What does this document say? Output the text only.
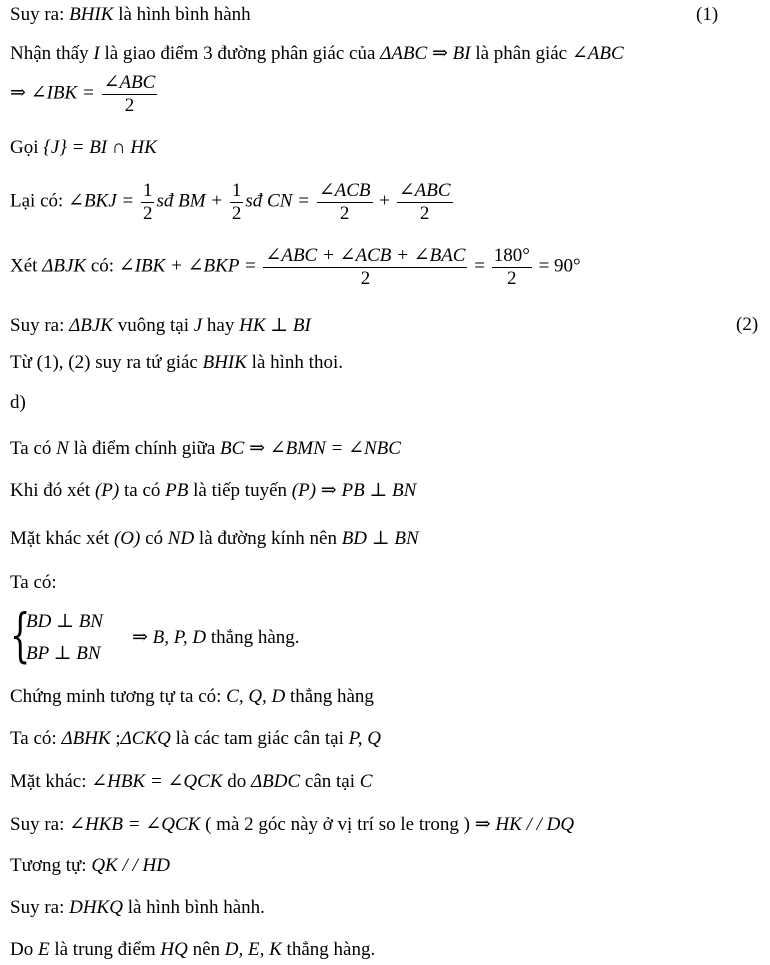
Suy ra: BHIK là hình bình hành	(1)
Nhận thấy I là giao điểm 3 đường phân giác của ΔABC ⇒ BI là phân giác ∠ABC
⇒ ∠IBK = $\frac{\text{∠ABC}}{2}$
Gọi {J} = BI ∩ HK
Lại có: ∠BKJ = $\frac{1}{2}$ sđ BM + $\frac{1}{2}$ sđ CN = $\frac{\text{∠ACB}}{2} + \frac{\text{∠ABC}}{2}$
Xét ΔBJK có: ∠IBK + ∠BKP = $\frac{\text{∠ABC + ∠ACB + ∠BAC}}{2} = \frac{180^\circ}{2} = 90^\circ$
Suy ra: ΔBJK vuông tại J hay HK ⊥ BI	(2)
Từ (1), (2) suy ra tứ giác BHIK là hình thoi.
d)
Ta có N là điểm chính giữa BC ⇒ ∠BMN = ∠NBC
Khi đó xét (P) ta có PB là tiếp tuyến (P) ⇒ PB ⊥ BN
Mặt khác xét (O) có ND là đường kính nên BD ⊥ BN
Ta có:
{
BD ⊥ BN
BP ⊥ BN
⇒ B, P, D thẳng hàng.
Chứng minh tương tự ta có: C, Q, D thẳng hàng
Ta có: ΔBHK ;ΔCKQ là các tam giác cân tại P, Q
Mặt khác: ∠HBK = ∠QCK do ΔBDC cân tại C
Suy ra: ∠HKB = ∠QCK ( mà 2 góc này ở vị trí so le trong ) ⇒ HK / / DQ
Tương tự: QK / / HD
Suy ra: DHKQ là hình bình hành.
Do E là trung điểm HQ nên D, E, K thẳng hàng.
